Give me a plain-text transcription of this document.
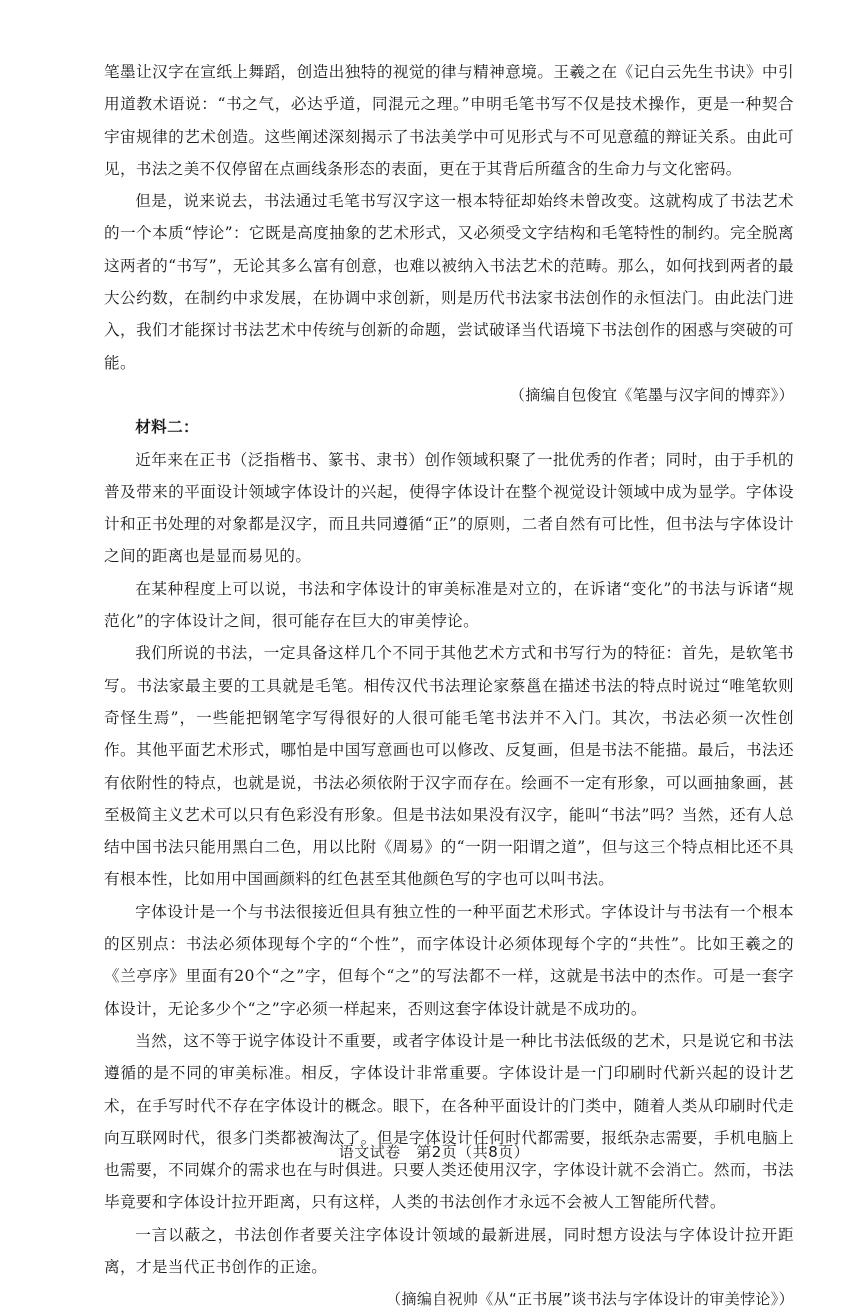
笔墨让汉字在宣纸上舞蹈，创造出独特的视觉的律与精神意境。王羲之在《记白云先生书诀》中引用道教术语说：“书之气，必达乎道，同混元之理。”申明毛笔书写不仅是技术操作，更是一种契合宇宙规律的艺术创造。这些阐述深刻揭示了书法美学中可见形式与不可见意蕴的辩证关系。由此可见，书法之美不仅停留在点画线条形态的表面，更在于其背后所蕴含的生命力与文化密码。

但是，说来说去，书法通过毛笔书写汉字这一根本特征却始终未曾改变。这就构成了书法艺术的一个本质“悖论”：它既是高度抽象的艺术形式，又必须受文字结构和毛笔特性的制约。完全脱离这两者的“书写”，无论其多么富有创意，也难以被纳入书法艺术的范畴。那么，如何找到两者的最大公约数，在制约中求发展，在协调中求创新，则是历代书法家书法创作的永恒法门。由此法门进入，我们才能探讨书法艺术中传统与创新的命题，尝试破译当代语境下书法创作的困惑与突破的可能。

（摘编自包俊宜《笔墨与汉字间的博弈》）

材料二：

近年来在正书（泛指楷书、篆书、隶书）创作领域积聚了一批优秀的作者；同时，由于手机的普及带来的平面设计领域字体设计的兴起，使得字体设计在整个视觉设计领域中成为显学。字体设计和正书处理的对象都是汉字，而且共同遵循“正”的原则，二者自然有可比性，但书法与字体设计之间的距离也是显而易见的。

在某种程度上可以说，书法和字体设计的审美标准是对立的，在诉诸“变化”的书法与诉诸“规范化”的字体设计之间，很可能存在巨大的审美悖论。

我们所说的书法，一定具备这样几个不同于其他艺术方式和书写行为的特征：首先，是软笔书写。书法家最主要的工具就是毛笔。相传汉代书法理论家蔡邕在描述书法的特点时说过“唯笔软则奇怪生焉”，一些能把钢笔字写得很好的人很可能毛笔书法并不入门。其次，书法必须一次性创作。其他平面艺术形式，哪怕是中国写意画也可以修改、反复画，但是书法不能描。最后，书法还有依附性的特点，也就是说，书法必须依附于汉字而存在。绘画不一定有形象，可以画抽象画，甚至极简主义艺术可以只有色彩没有形象。但是书法如果没有汉字，能叫“书法”吗？当然，还有人总结中国书法只能用黑白二色，用以比附《周易》的“一阴一阳谓之道”，但与这三个特点相比还不具有根本性，比如用中国画颜料的红色甚至其他颜色写的字也可以叫书法。

字体设计是一个与书法很接近但具有独立性的一种平面艺术形式。字体设计与书法有一个根本的区别点：书法必须体现每个字的“个性”，而字体设计必须体现每个字的“共性”。比如王羲之的《兰亭序》里面有20个“之”字，但每个“之”的写法都不一样，这就是书法中的杰作。可是一套字体设计，无论多少个“之”字必须一样起来，否则这套字体设计就是不成功的。

当然，这不等于说字体设计不重要，或者字体设计是一种比书法低级的艺术，只是说它和书法遵循的是不同的审美标准。相反，字体设计非常重要。字体设计是一门印刷时代新兴起的设计艺术，在手写时代不存在字体设计的概念。眼下，在各种平面设计的门类中，随着人类从印刷时代走向互联网时代，很多门类都被淘汰了。但是字体设计任何时代都需要，报纸杂志需要，手机电脑上也需要，不同媒介的需求也在与时俱进。只要人类还使用汉字，字体设计就不会消亡。然而，书法毕竟要和字体设计拉开距离，只有这样，人类的书法创作才永远不会被人工智能所代替。

一言以蔽之，书法创作者要关注字体设计领域的最新进展，同时想方设法与字体设计拉开距离，才是当代正书创作的正途。

（摘编自祝帅《从“正书展”谈书法与字体设计的审美悖论》）

语文试卷　第2页（共8页）
